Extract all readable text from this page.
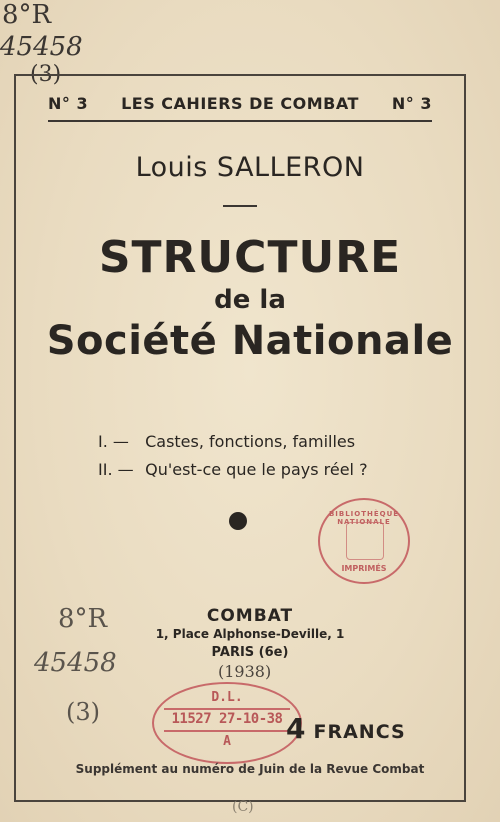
8°R
45458
(3)
N° 3 LES CAHIERS DE COMBAT N° 3
Louis SALLERON
STRUCTURE
de la
Société Nationale
I. — Castes, fonctions, familles
II. — Qu'est-ce que le pays réel ?
BIBLIOTHÈQUE NATIONALE
IMPRIMÉS
COMBAT
1, Place Alphonse-Deville, 1
PARIS (6e)
8°R
45458
(3)
(1938)
D.L.
11527 27-10-38
A	4 FRANCS
Supplément au numéro de Juin de la Revue Combat
(C)
